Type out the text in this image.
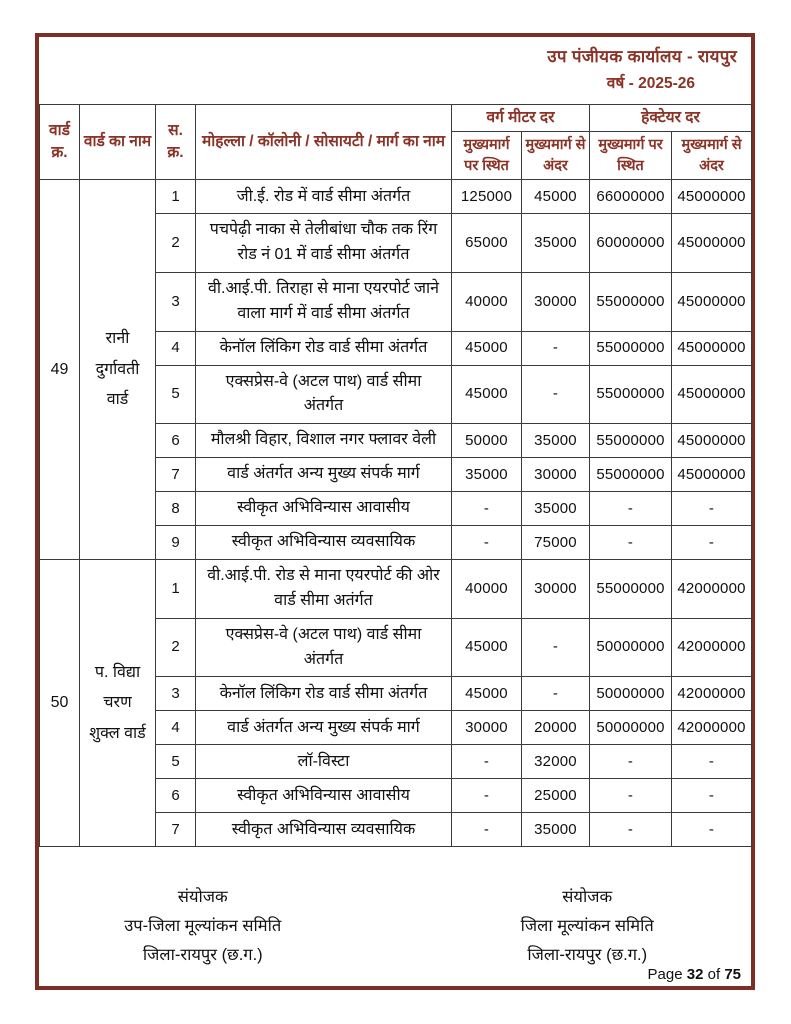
उप पंजीयक कार्यालय - रायपुर
वर्ष - 2025-26
वार्ड क्र.	वार्ड का नाम	स. क्र.	मोहल्ला / कॉलोनी / सोसायटी / मार्ग का नाम	वर्ग मीटर दर		हेक्टेयर दर	
				मुख्यमार्ग पर स्थित	मुख्यमार्ग से अंदर	मुख्यमार्ग पर स्थित	मुख्यमार्ग से अंदर
49	रानी दुर्गावती वार्ड	1	जी.ई. रोड में वार्ड सीमा अंतर्गत	125000	45000	66000000	45000000
		2	पचपेढ़ी नाका से तेलीबांधा चौक तक रिंग रोड नं 01 में वार्ड सीमा अंतर्गत	65000	35000	60000000	45000000
		3	वी.आई.पी. तिराहा से माना एयरपोर्ट जाने वाला मार्ग में वार्ड सीमा अंतर्गत	40000	30000	55000000	45000000
		4	केनॉल लिंकिग रोड वार्ड सीमा अंतर्गत	45000	-	55000000	45000000
		5	एक्सप्रेस-वे (अटल पाथ) वार्ड सीमा अंतर्गत	45000	-	55000000	45000000
		6	मौलश्री विहार, विशाल नगर फ्लावर वेली	50000	35000	55000000	45000000
		7	वार्ड अंतर्गत अन्य मुख्य संपर्क मार्ग	35000	30000	55000000	45000000
		8	स्वीकृत अभिविन्यास आवासीय	-	35000	-	-
		9	स्वीकृत अभिविन्यास व्यवसायिक	-	75000	-	-
50	प. विद्या चरण शुक्ल वार्ड	1	वी.आई.पी. रोड से माना एयरपोर्ट की ओर वार्ड सीमा अतंर्गत	40000	30000	55000000	42000000
		2	एक्सप्रेस-वे (अटल पाथ) वार्ड सीमा अंतर्गत	45000	-	50000000	42000000
		3	केनॉल लिंकिग रोड वार्ड सीमा अंतर्गत	45000	-	50000000	42000000
		4	वार्ड अंतर्गत अन्य मुख्य संपर्क मार्ग	30000	20000	50000000	42000000
		5	लॉ-विस्टा	-	32000	-	-
		6	स्वीकृत अभिविन्यास आवासीय	-	25000	-	-
		7	स्वीकृत अभिविन्यास व्यवसायिक	-	35000	-	-
संयोजक
उप-जिला मूल्यांकन समिति
जिला-रायपुर (छ.ग.)
संयोजक
जिला मूल्यांकन समिति
जिला-रायपुर (छ.ग.)
Page 32 of 75
